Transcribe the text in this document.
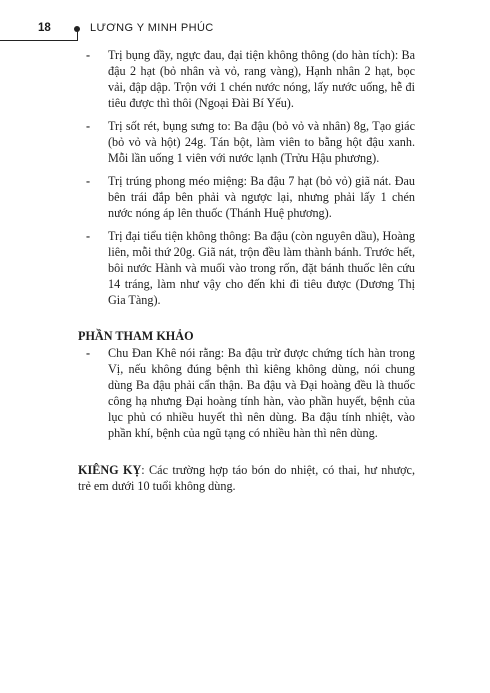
18	LƯƠNG Y MINH PHÚC
- Trị bụng đầy, ngực đau, đại tiện không thông (do hàn tích): Ba đậu 2 hạt (bỏ nhân và vỏ, rang vàng), Hạnh nhân 2 hạt, bọc vải, đập dập. Trộn với 1 chén nước nóng, lấy nước uống, hễ đi tiêu được thì thôi (Ngoại Đài Bí Yếu).
- Trị sốt rét, bụng sưng to: Ba đậu (bỏ vỏ và nhân) 8g, Tạo giác (bỏ vỏ và hột) 24g. Tán bột, làm viên to bằng hột đậu xanh. Mỗi lần uống 1 viên với nước lạnh (Trửu Hậu phương).
- Trị trúng phong méo miệng: Ba đậu 7 hạt (bỏ vỏ) giã nát. Đau bên trái đắp bên phải và ngược lại, nhưng phải lấy 1 chén nước nóng áp lên thuốc (Thánh Huệ phương).
- Trị đại tiểu tiện không thông: Ba đậu (còn nguyên dầu), Hoàng liên, mỗi thứ 20g. Giã nát, trộn đều làm thành bánh. Trước hết, bôi nước Hành và muối vào trong rốn, đặt bánh thuốc lên cứu 14 tráng, làm như vậy cho đến khi đi tiêu được (Dương Thị Gia Tàng).
PHẦN THAM KHẢO
- Chu Đan Khê nói rằng: Ba đậu trừ được chứng tích hàn trong Vị, nếu không đúng bệnh thì kiêng không dùng, nói chung dùng Ba đậu phải cẩn thận. Ba đậu và Đại hoàng đều là thuốc công hạ nhưng Đại hoàng tính hàn, vào phần huyết, bệnh của lục phủ có nhiều huyết thì nên dùng. Ba đậu tính nhiệt, vào phần khí, bệnh của ngũ tạng có nhiều hàn thì nên dùng.
KIÊNG KỴ: Các trường hợp táo bón do nhiệt, có thai, hư nhược, trẻ em dưới 10 tuổi không dùng.
